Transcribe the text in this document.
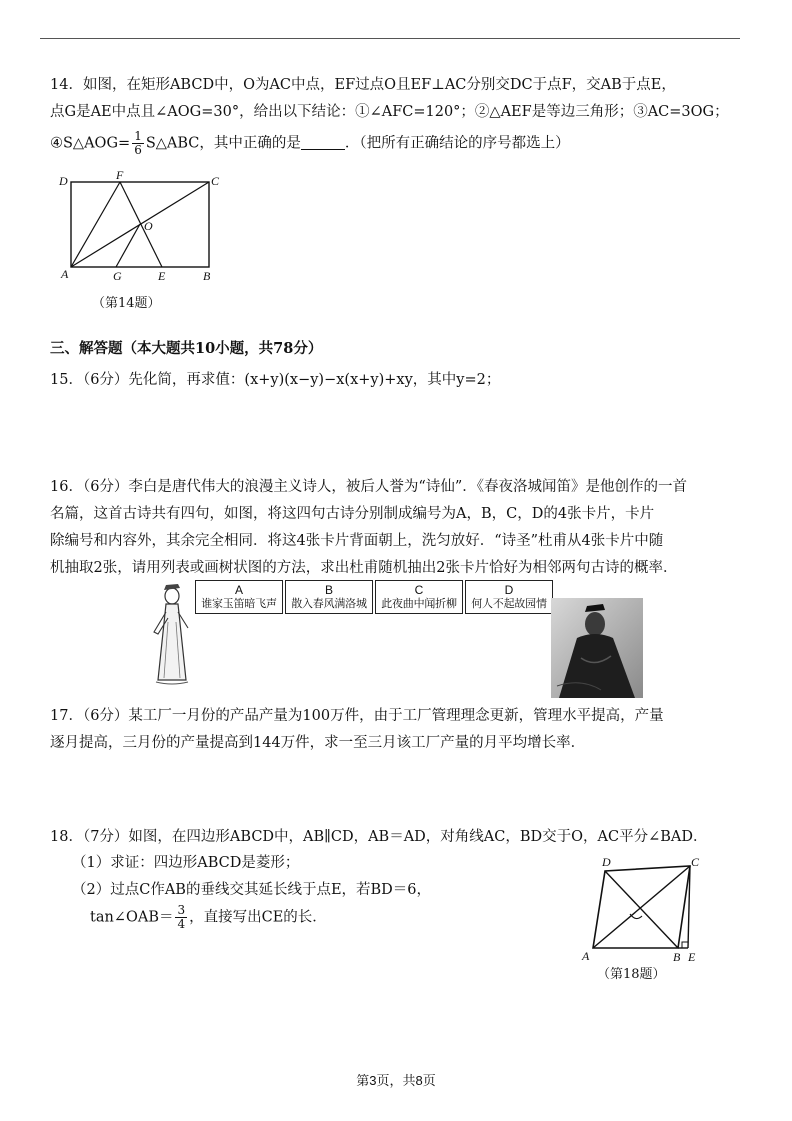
14．如图，在矩形ABCD中，O为AC中点，EF过点O且EF⊥AC分别交DC于点F，交AB于点E，
点G是AE中点且∠AOG=30°，给出以下结论：①∠AFC=120°；②△AEF是等边三角形；③AC=3OG；
④S△AOG= $\frac{1}{6}$ S△ABC，其中正确的是	．（把所有正确结论的序号都选上）
D	F	C
O
A	G	E	B
（第14题）
三、解答题（本大题共10小题，共78分）
15．（6分）先化简，再求值：(x+y)(x−y)−x(x+y)+xy，其中y=2；
16．（6分）李白是唐代伟大的浪漫主义诗人，被后人誉为“诗仙”．《春夜洛城闻笛》是他创作的一首
名篇，这首古诗共有四句，如图，将这四句古诗分别制成编号为A，B，C，D的4张卡片，卡片
除编号和内容外，其余完全相同．将这4张卡片背面朝上，洗匀放好．“诗圣”杜甫从4张卡片中随
机抽取2张，请用列表或画树状图的方法，求出杜甫随机抽出2张卡片恰好为相邻两句古诗的概率．
A
谁家玉笛暗飞声
B
散入春风满洛城
C
此夜曲中闻折柳
D
何人不起故园情
17．（6分）某工厂一月份的产品产量为100万件，由于工厂管理理念更新，管理水平提高，产量
逐月提高，三月份的产量提高到144万件，求一至三月该工厂产量的月平均增长率．
18．（7分）如图，在四边形ABCD中，AB∥CD，AB＝AD，对角线AC，BD交于O，AC平分∠BAD．
（1）求证：四边形ABCD是菱形；
（2）过点C作AB的垂线交其延长线于点E，若BD＝6，
tan∠OAB＝ $\frac{3}{4}$ ，直接写出CE的长．
D	C
A	B E
（第18题）
第3页，共8页
